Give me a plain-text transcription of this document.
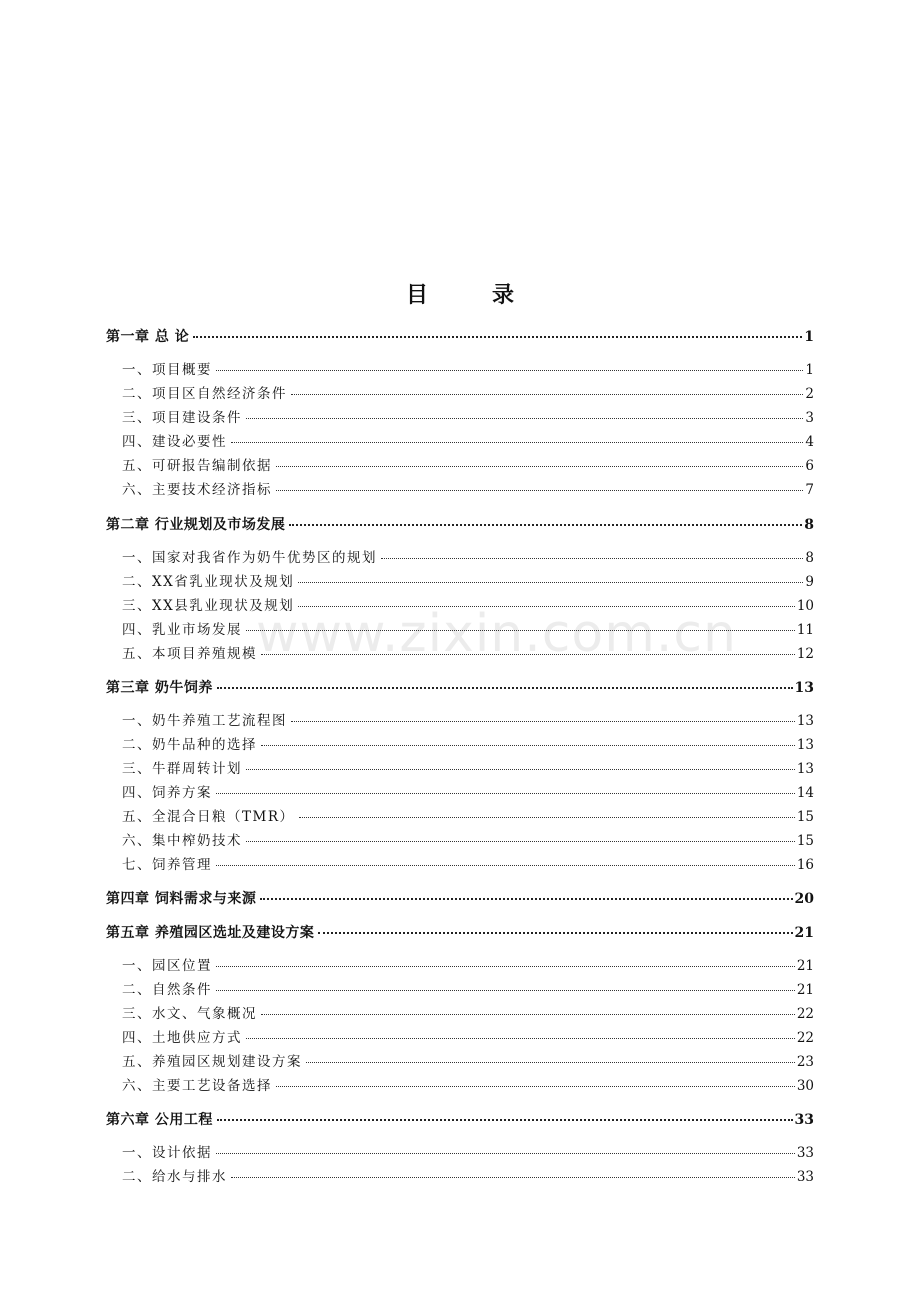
目	录
www.zixin.com.cn
第一章 总 论	1
一、项目概要	1
二、项目区自然经济条件	2
三、项目建设条件	3
四、建设必要性	4
五、可研报告编制依据	6
六、主要技术经济指标	7
第二章 行业规划及市场发展	8
一、国家对我省作为奶牛优势区的规划	8
二、XX省乳业现状及规划	9
三、XX县乳业现状及规划	10
四、乳业市场发展	11
五、本项目养殖规模	12
第三章 奶牛饲养	13
一、奶牛养殖工艺流程图	13
二、奶牛品种的选择	13
三、牛群周转计划	13
四、饲养方案	14
五、全混合日粮（TMR）	15
六、集中榨奶技术	15
七、饲养管理	16
第四章 饲料需求与来源	20
第五章 养殖园区选址及建设方案	21
一、园区位置	21
二、自然条件	21
三、水文、气象概况	22
四、土地供应方式	22
五、养殖园区规划建设方案	23
六、主要工艺设备选择	30
第六章 公用工程	33
一、设计依据	33
二、给水与排水	33
